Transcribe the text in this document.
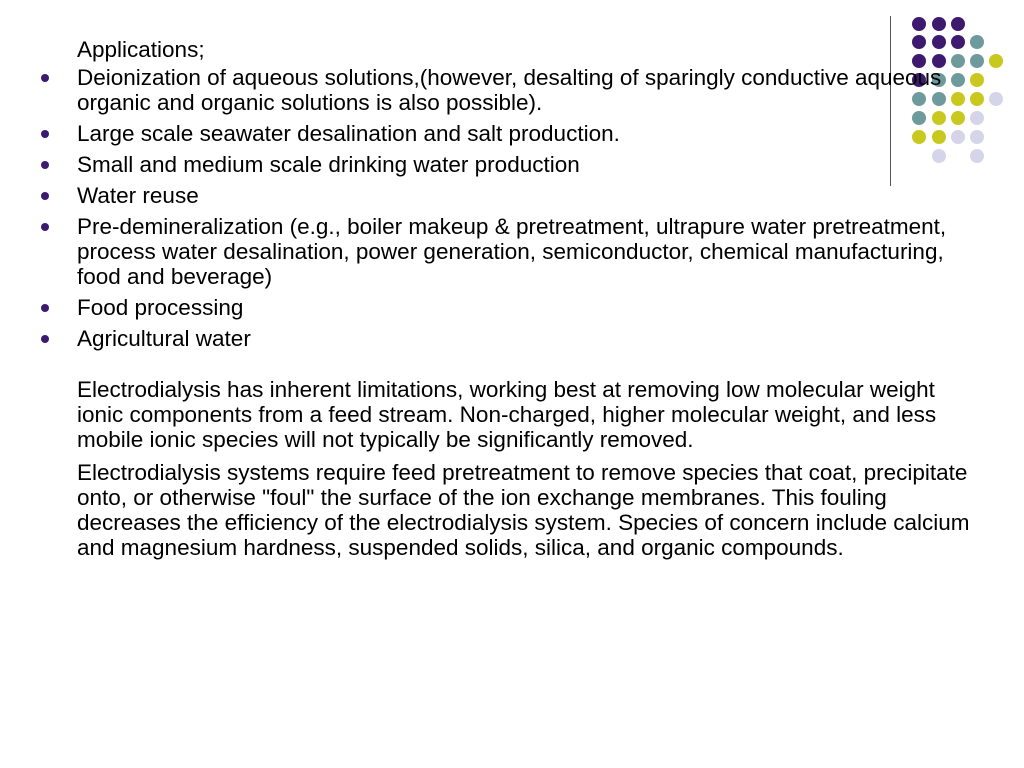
Applications;
Deionization of aqueous solutions,(however, desalting of sparingly conductive aqueous organic and organic solutions is also possible).
Large scale seawater desalination and salt production.
Small and medium scale drinking water production
Water reuse
Pre-demineralization (e.g., boiler makeup & pretreatment, ultrapure water pretreatment, process water desalination, power generation, semiconductor, chemical manufacturing, food and beverage)
Food processing
Agricultural water
Electrodialysis has inherent limitations, working best at removing low molecular weight ionic components from a feed stream. Non-charged, higher molecular weight, and less mobile ionic species will not typically be significantly removed.
Electrodialysis systems require feed pretreatment to remove species that coat, precipitate onto, or otherwise "foul" the surface of the ion exchange membranes. This fouling decreases the efficiency of the electrodialysis system. Species of concern include calcium and magnesium hardness, suspended solids, silica, and organic compounds.
